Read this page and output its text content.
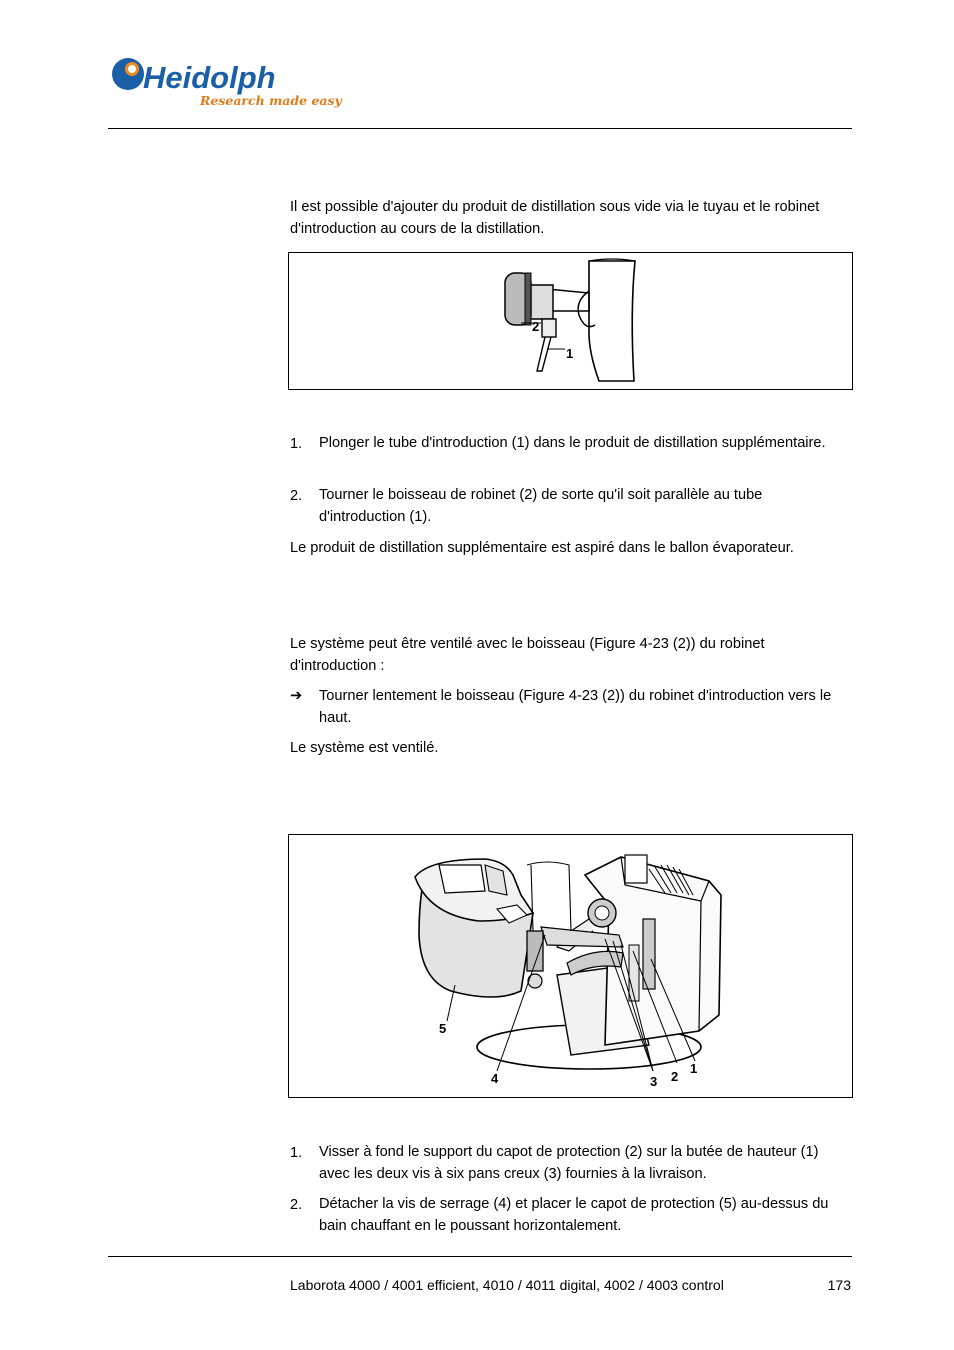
Heidolph
Research made easy
Il est possible d'ajouter du produit de distillation sous vide via le tuyau et le robinet d'introduction au cours de la distillation.
2
1
1. Plonger le tube d'introduction (1) dans le produit de distillation supplémentaire.
2. Tourner le boisseau de robinet (2) de sorte qu'il soit parallèle au tube d'introduction (1).
Le produit de distillation supplémentaire est aspiré dans le ballon évaporateur.
Le système peut être ventilé avec le boisseau (Figure 4-23 (2)) du robinet d'introduction :
➔ Tourner lentement le boisseau (Figure 4-23 (2)) du robinet d'introduction vers le haut.
Le système est ventilé.
5
4	3 2
1
1. Visser à fond le support du capot de protection (2) sur la butée de hauteur (1) avec les deux vis à six pans creux (3) fournies à la livraison.
2. Détacher la vis de serrage (4) et placer le capot de protection (5) au-dessus du bain chauffant en le poussant horizontalement.
Laborota 4000 / 4001 efficient, 4010 / 4011 digital, 4002 / 4003 control	173
